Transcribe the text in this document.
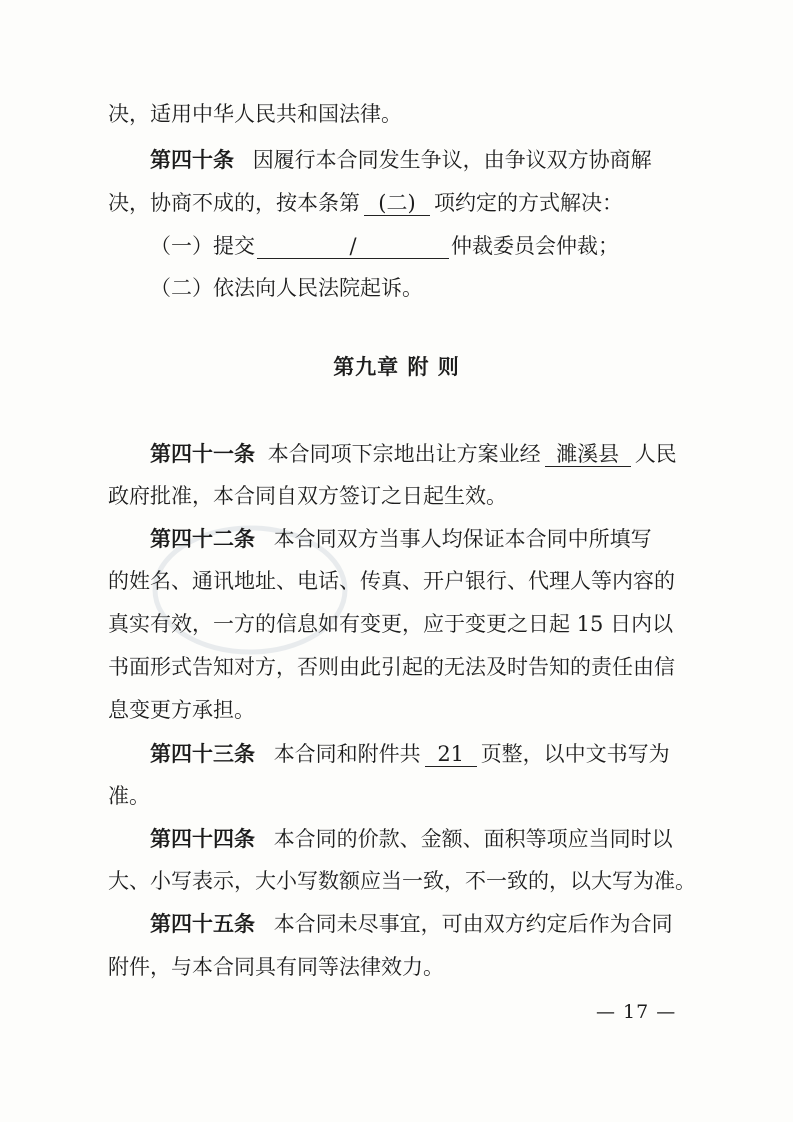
决，适用中华人民共和国法律。
第四十条 因履行本合同发生争议，由争议双方协商解
决，协商不成的，按本条第 (二) 项约定的方式解决：
（一）提交	/	仲裁委员会仲裁；
（二）依法向人民法院起诉。
第九章 附 则
第四十一条 本合同项下宗地出让方案业经 濉溪县 人民
政府批准，本合同自双方签订之日起生效。
第四十二条 本合同双方当事人均保证本合同中所填写
的姓名、通讯地址、电话、传真、开户银行、代理人等内容的
真实有效，一方的信息如有变更，应于变更之日起 15 日内以
书面形式告知对方，否则由此引起的无法及时告知的责任由信
息变更方承担。
第四十三条 本合同和附件共 21 页整，以中文书写为
准。
第四十四条 本合同的价款、金额、面积等项应当同时以
大、小写表示，大小写数额应当一致，不一致的，以大写为准。
第四十五条 本合同未尽事宜，可由双方约定后作为合同
附件，与本合同具有同等法律效力。
— 17 —
